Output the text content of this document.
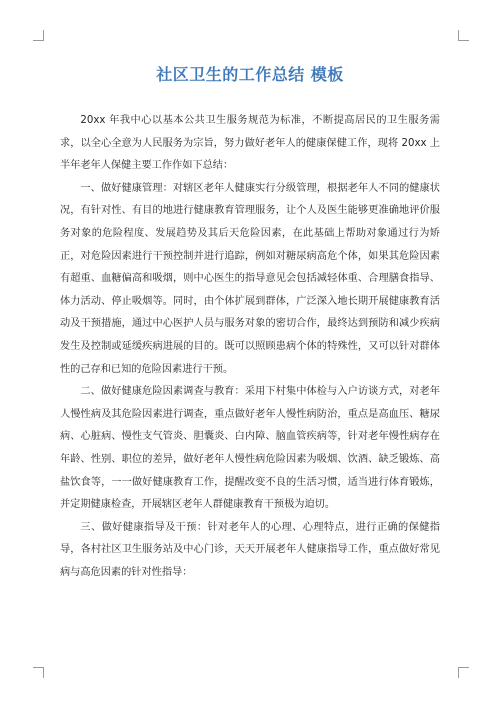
社区卫生的工作总结 模板

20xx 年我中心以基本公共卫生服务规范为标准，不断提高居民的卫生服务需求，以全心全意为人民服务为宗旨，努力做好老年人的健康保健工作，现将 20xx 上半年老年人保健主要工作作如下总结：

一、做好健康管理：对辖区老年人健康实行分级管理，根据老年人不同的健康状况，有针对性、有目的地进行健康教育管理服务，让个人及医生能够更准确地评价服务对象的危险程度、发展趋势及其后天危险因素，在此基础上帮助对象通过行为矫正，对危险因素进行干预控制并进行追踪，例如对糖尿病高危个体，如果其危险因素有超重、血糖偏高和吸烟，则中心医生的指导意见会包括减轻体重、合理膳食指导、体力活动、停止吸烟等。同时，由个体扩展到群体，广泛深入地长期开展健康教育活动及干预措施，通过中心医护人员与服务对象的密切合作，最终达到预防和减少疾病发生及控制或延缓疾病进展的目的。既可以照顾患病个体的特殊性，又可以针对群体性的己存和已知的危险因素进行干预。

二、做好健康危险因素调查与教育：采用下村集中体检与入户访谈方式，对老年人慢性病及其危险因素进行调查，重点做好老年人慢性病防治，重点是高血压、糖尿病、心脏病、慢性支气管炎、胆囊炎、白内障、脑血管疾病等，针对老年慢性病存在年龄、性别、职位的差异，做好老年人慢性病危险因素为吸烟、饮酒、缺乏锻炼、高盐饮食等，一一做好健康教育工作，提醒改变不良的生活习惯，适当进行体育锻炼，并定期健康检查，开展辖区老年人群健康教育干预极为迫切。

三、做好健康指导及干预：针对老年人的心理、心理特点，进行正确的保健指导，各村社区卫生服务站及中心门诊，天天开展老年人健康指导工作，重点做好常见病与高危因素的针对性指导：
